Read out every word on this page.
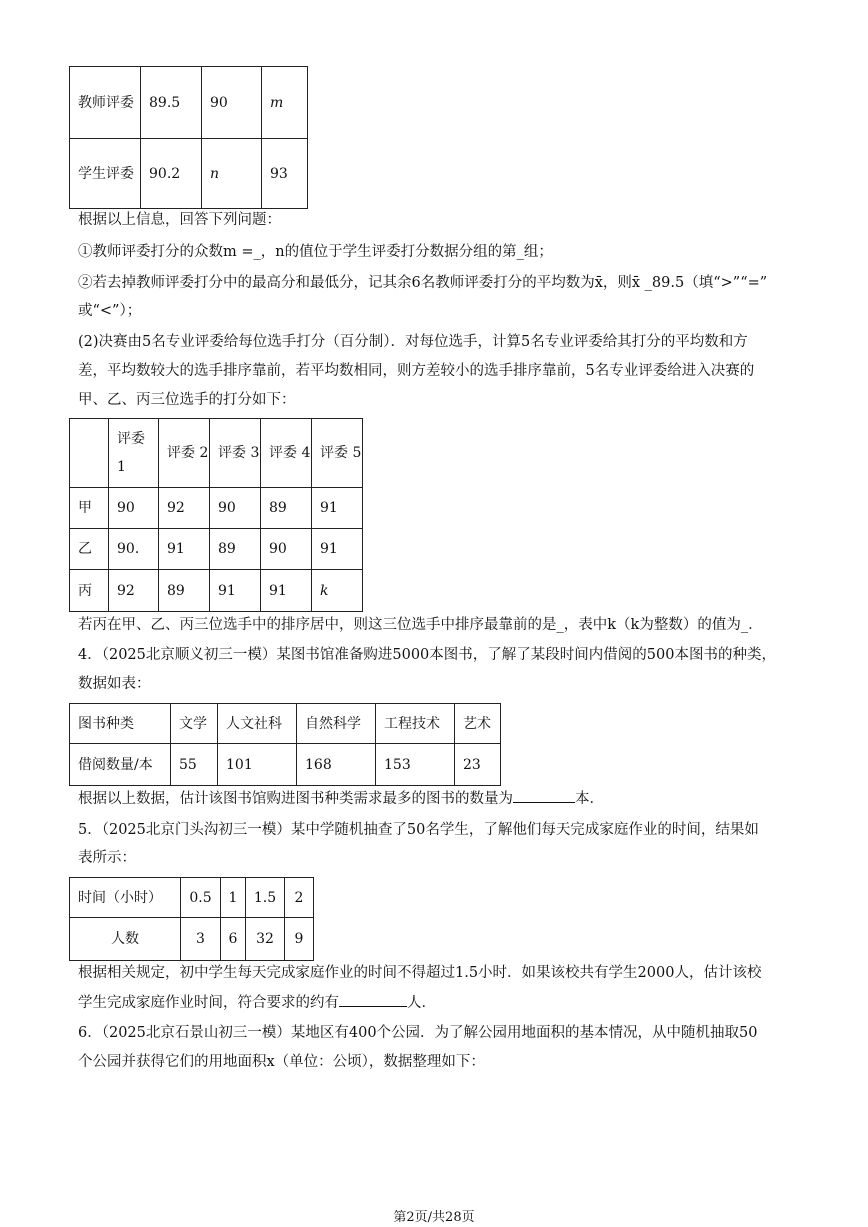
教师评委	89.5	90	m
学生评委	90.2	n	93

根据以上信息，回答下列问题：

①教师评委打分的众数m =_，n的值位于学生评委打分数据分组的第_组；

②若去掉教师评委打分中的最高分和最低分，记其余6名教师评委打分的平均数为x̄，则x̄ _89.5（填“>”“=”

或“<”）；

(2)决赛由5名专业评委给每位选手打分（百分制）．对每位选手，计算5名专业评委给其打分的平均数和方

差，平均数较大的选手排序靠前，若平均数相同，则方差较小的选手排序靠前，5名专业评委给进入决赛的

甲、乙、丙三位选手的打分如下：

	评委 1	评委 2	评委 3	评委 4	评委 5
甲	90	92	90	89	91
乙	90．	91	89	90	91
丙	92	89	91	91	k

若丙在甲、乙、丙三位选手中的排序居中，则这三位选手中排序最靠前的是_，表中k（k为整数）的值为_．

4．（2025北京顺义初三一模）某图书馆准备购进5000本图书，了解了某段时间内借阅的500本图书的种类，

数据如表：

图书种类	文学	人文社科	自然科学	工程技术	艺术
借阅数量/本	55	101	168	153	23

根据以上数据，估计该图书馆购进图书种类需求最多的图书的数量为	本．

5．（2025北京门头沟初三一模）某中学随机抽查了50名学生，了解他们每天完成家庭作业的时间，结果如

表所示：

时间（小时）	0.5	1	1.5	2
人数	3	6	32	9

根据相关规定，初中学生每天完成家庭作业的时间不得超过1.5小时．如果该校共有学生2000人，估计该校

学生完成家庭作业时间，符合要求的约有	人．

6．（2025北京石景山初三一模）某地区有400个公园．为了解公园用地面积的基本情况，从中随机抽取50

个公园并获得它们的用地面积x（单位：公顷），数据整理如下：

第2页/共28页
